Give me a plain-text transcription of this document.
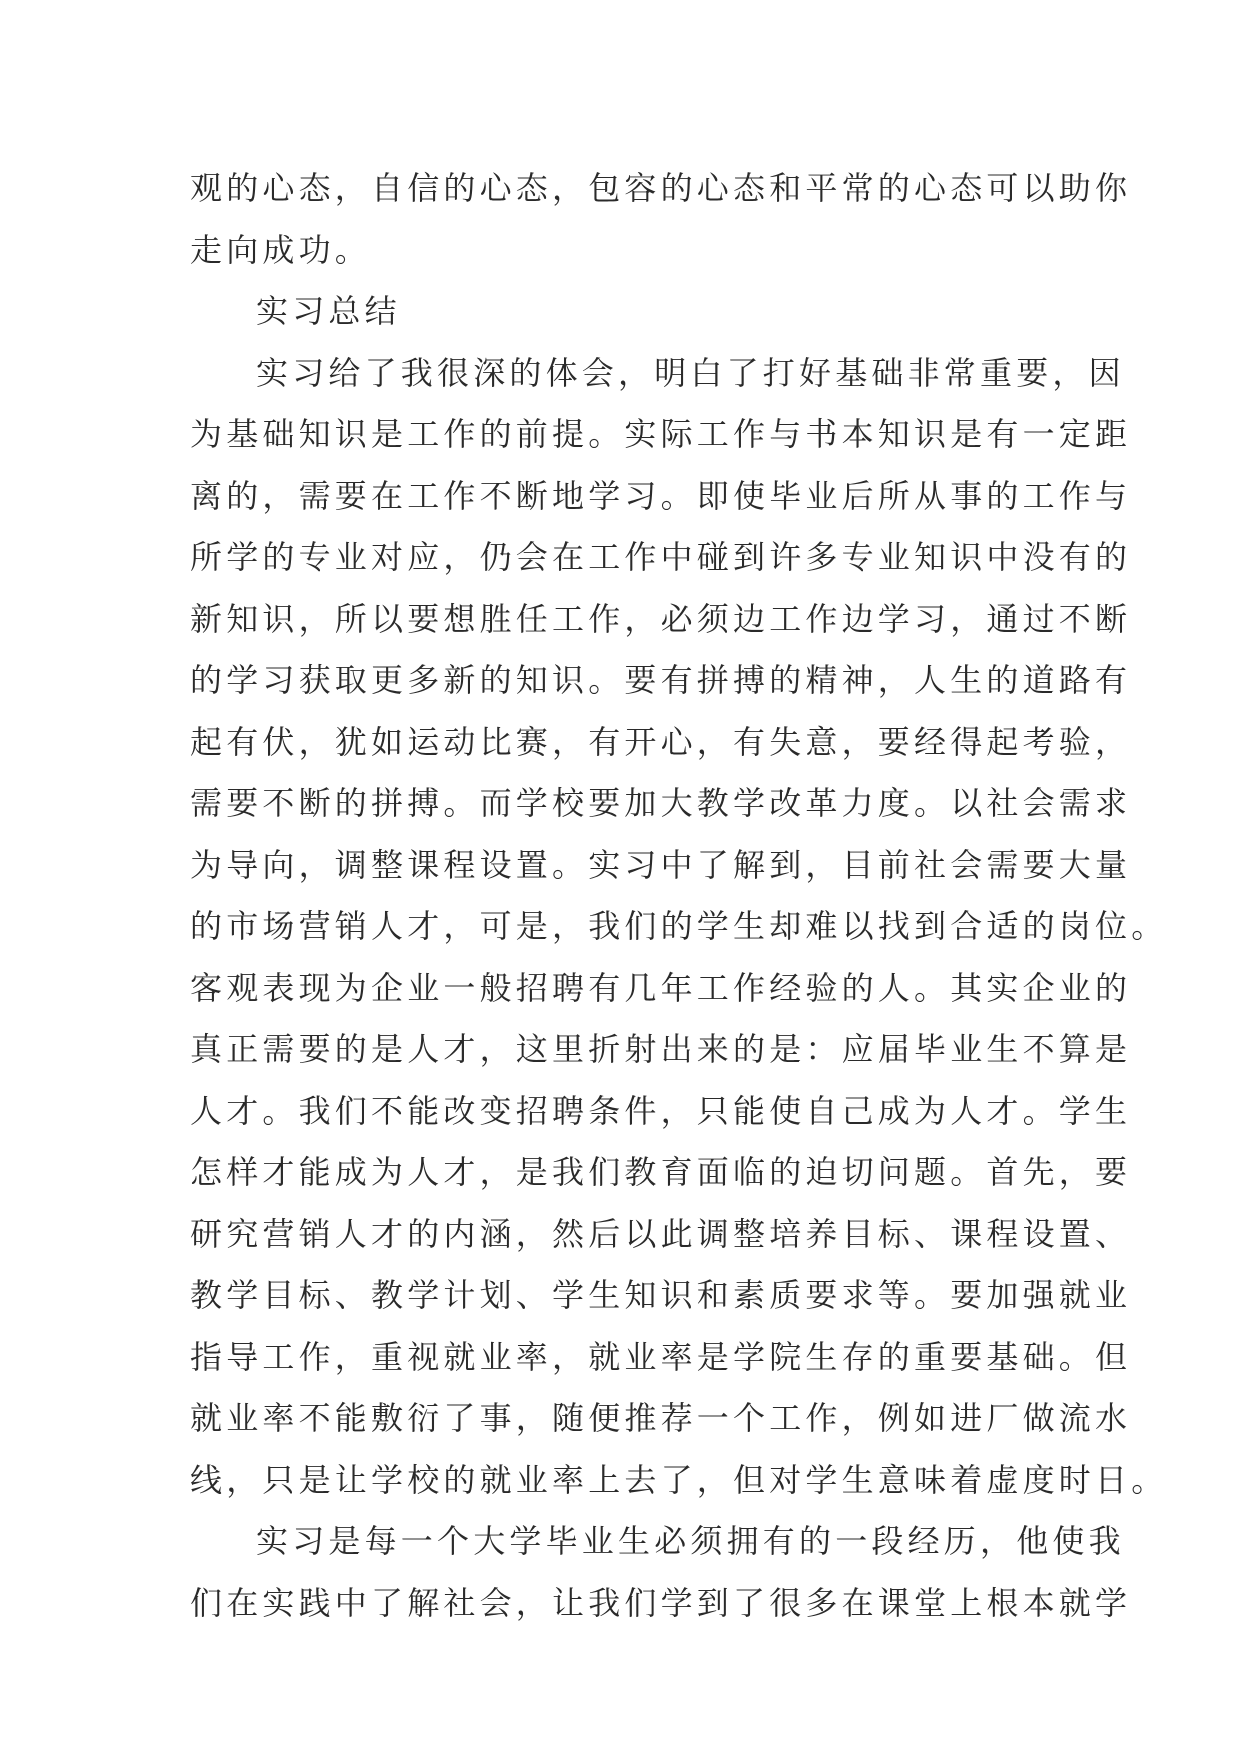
观的心态，自信的心态，包容的心态和平常的心态可以助你
走向成功。
实习总结
实习给了我很深的体会，明白了打好基础非常重要，因
为基础知识是工作的前提。实际工作与书本知识是有一定距
离的，需要在工作不断地学习。即使毕业后所从事的工作与
所学的专业对应，仍会在工作中碰到许多专业知识中没有的
新知识，所以要想胜任工作，必须边工作边学习，通过不断
的学习获取更多新的知识。要有拼搏的精神，人生的道路有
起有伏，犹如运动比赛，有开心，有失意，要经得起考验，
需要不断的拼搏。而学校要加大教学改革力度。以社会需求
为导向，调整课程设置。实习中了解到，目前社会需要大量
的市场营销人才，可是，我们的学生却难以找到合适的岗位。
客观表现为企业一般招聘有几年工作经验的人。其实企业的
真正需要的是人才，这里折射出来的是：应届毕业生不算是
人才。我们不能改变招聘条件，只能使自己成为人才。学生
怎样才能成为人才，是我们教育面临的迫切问题。首先，要
研究营销人才的内涵，然后以此调整培养目标、课程设置、
教学目标、教学计划、学生知识和素质要求等。要加强就业
指导工作，重视就业率，就业率是学院生存的重要基础。但
就业率不能敷衍了事，随便推荐一个工作，例如进厂做流水
线，只是让学校的就业率上去了，但对学生意味着虚度时日。
实习是每一个大学毕业生必须拥有的一段经历，他使我
们在实践中了解社会，让我们学到了很多在课堂上根本就学
